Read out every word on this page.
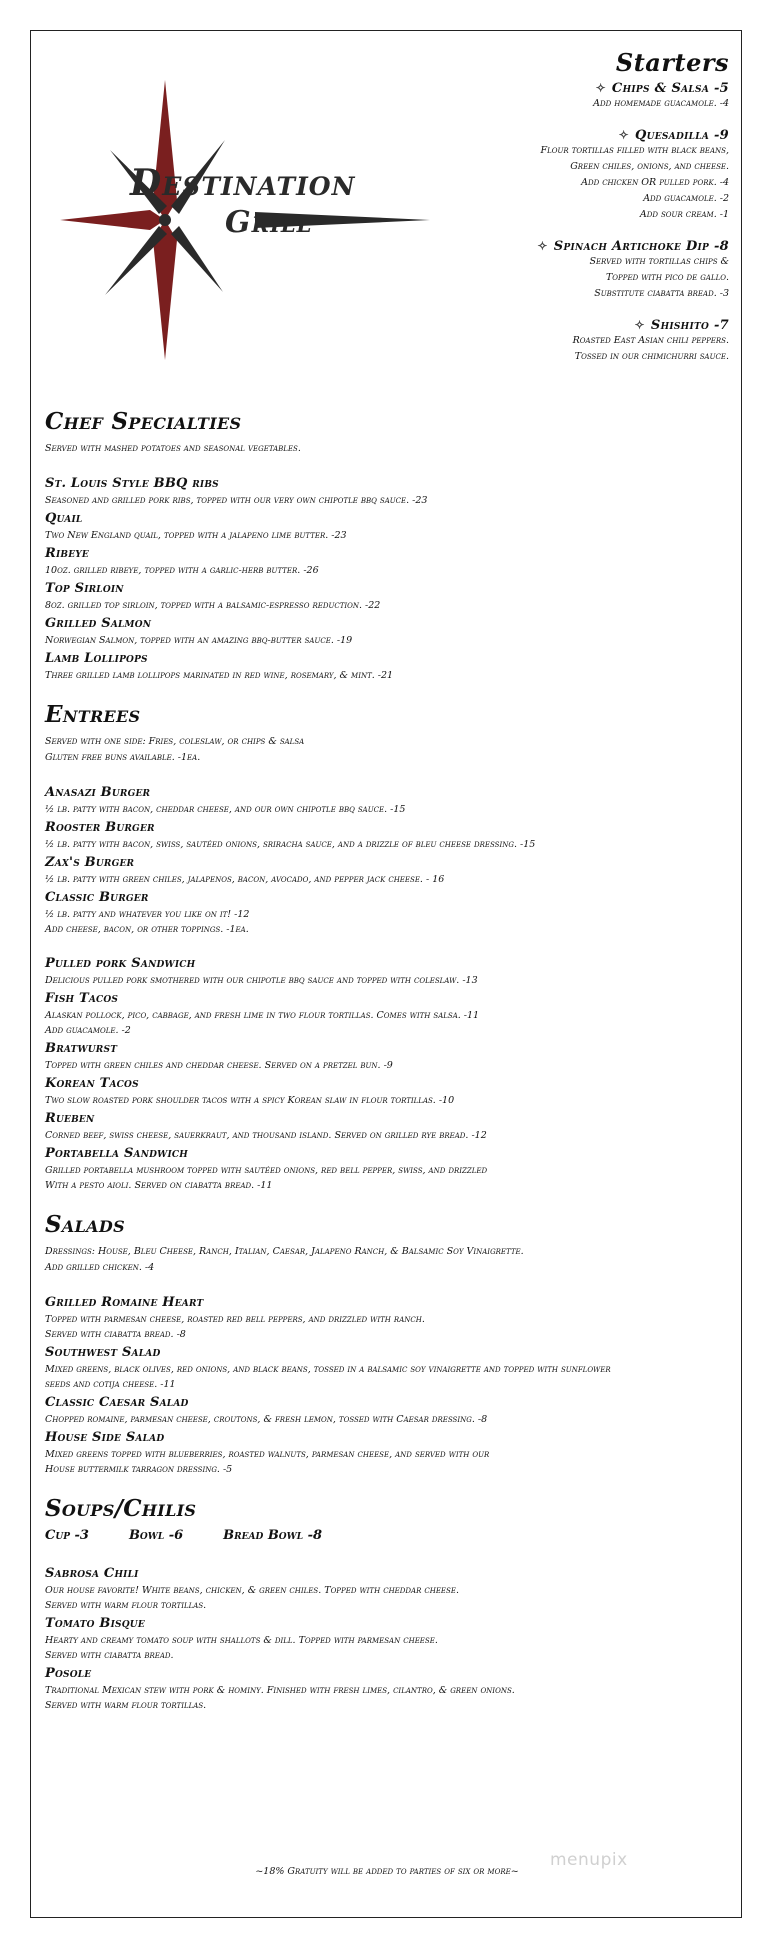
Destination
Grill
Starters
✧ Chips & Salsa -5
Add homemade guacamole. -4
✧ Quesadilla -9
Flour tortillas filled with black beans,
Green chiles, onions, and cheese.
Add chicken OR pulled pork. -4
Add guacamole. -2
Add sour cream. -1
✧ Spinach Artichoke Dip -8
Served with tortillas chips &
Topped with pico de gallo.
Substitute ciabatta bread. -3
✧ Shishito -7
Roasted East Asian chili peppers.
Tossed in our chimichurri sauce.
Chef Specialties
Served with mashed potatoes and seasonal vegetables.
St. Louis Style BBQ ribs
Seasoned and grilled pork ribs, topped with our very own chipotle bbq sauce. -23
Quail
Two New England quail, topped with a jalapeno lime butter. -23
Ribeye
10oz. grilled ribeye, topped with a garlic-herb butter. -26
Top Sirloin
8oz. grilled top sirloin, topped with a balsamic-espresso reduction. -22
Grilled Salmon
Norwegian Salmon, topped with an amazing bbq-butter sauce. -19
Lamb Lollipops
Three grilled lamb lollipops marinated in red wine, rosemary, & mint. -21
Entrees
Served with one side: Fries, coleslaw, or chips & salsa
Gluten free buns available. -1ea.
Anasazi Burger
½ lb. patty with bacon, cheddar cheese, and our own chipotle bbq sauce. -15
Rooster Burger
½ lb. patty with bacon, swiss, sautéed onions, sriracha sauce, and a drizzle of bleu cheese dressing. -15
Zax's Burger
½ lb. patty with green chiles, jalapenos, bacon, avocado, and pepper jack cheese. - 16
Classic Burger
½ lb. patty and whatever you like on it! -12
Add cheese, bacon, or other toppings. -1ea.
Pulled pork Sandwich
Delicious pulled pork smothered with our chipotle bbq sauce and topped with coleslaw. -13
Fish Tacos
Alaskan pollock, pico, cabbage, and fresh lime in two flour tortillas. Comes with salsa. -11
Add guacamole. -2
Bratwurst
Topped with green chiles and cheddar cheese. Served on a pretzel bun. -9
Korean Tacos
Two slow roasted pork shoulder tacos with a spicy Korean slaw in flour tortillas. -10
Rueben
Corned beef, swiss cheese, sauerkraut, and thousand island. Served on grilled rye bread. -12
Portabella Sandwich
Grilled portabella mushroom topped with sautéed onions, red bell pepper, swiss, and drizzled
With a pesto aioli. Served on ciabatta bread. -11
Salads
Dressings: House, Bleu Cheese, Ranch, Italian, Caesar, Jalapeno Ranch, & Balsamic Soy Vinaigrette.
Add grilled chicken. -4
Grilled Romaine Heart
Topped with parmesan cheese, roasted red bell peppers, and drizzled with ranch.
Served with ciabatta bread. -8
Southwest Salad
Mixed greens, black olives, red onions, and black beans, tossed in a balsamic soy vinaigrette and topped with sunflower
seeds and cotija cheese. -11
Classic Caesar Salad
Chopped romaine, parmesan cheese, croutons, & fresh lemon, tossed with Caesar dressing. -8
House Side Salad
Mixed greens topped with blueberries, roasted walnuts, parmesan cheese, and served with our
House buttermilk tarragon dressing. -5
Soups/Chilis
Cup -3	Bowl -6	Bread Bowl -8
Sabrosa Chili
Our house favorite! White beans, chicken, & green chiles. Topped with cheddar cheese.
Served with warm flour tortillas.
Tomato Bisque
Hearty and creamy tomato soup with shallots & dill. Topped with parmesan cheese.
Served with ciabatta bread.
Posole
Traditional Mexican stew with pork & hominy. Finished with fresh limes, cilantro, & green onions.
Served with warm flour tortillas.
~18% Gratuity will be added to parties of six or more~
menupix
